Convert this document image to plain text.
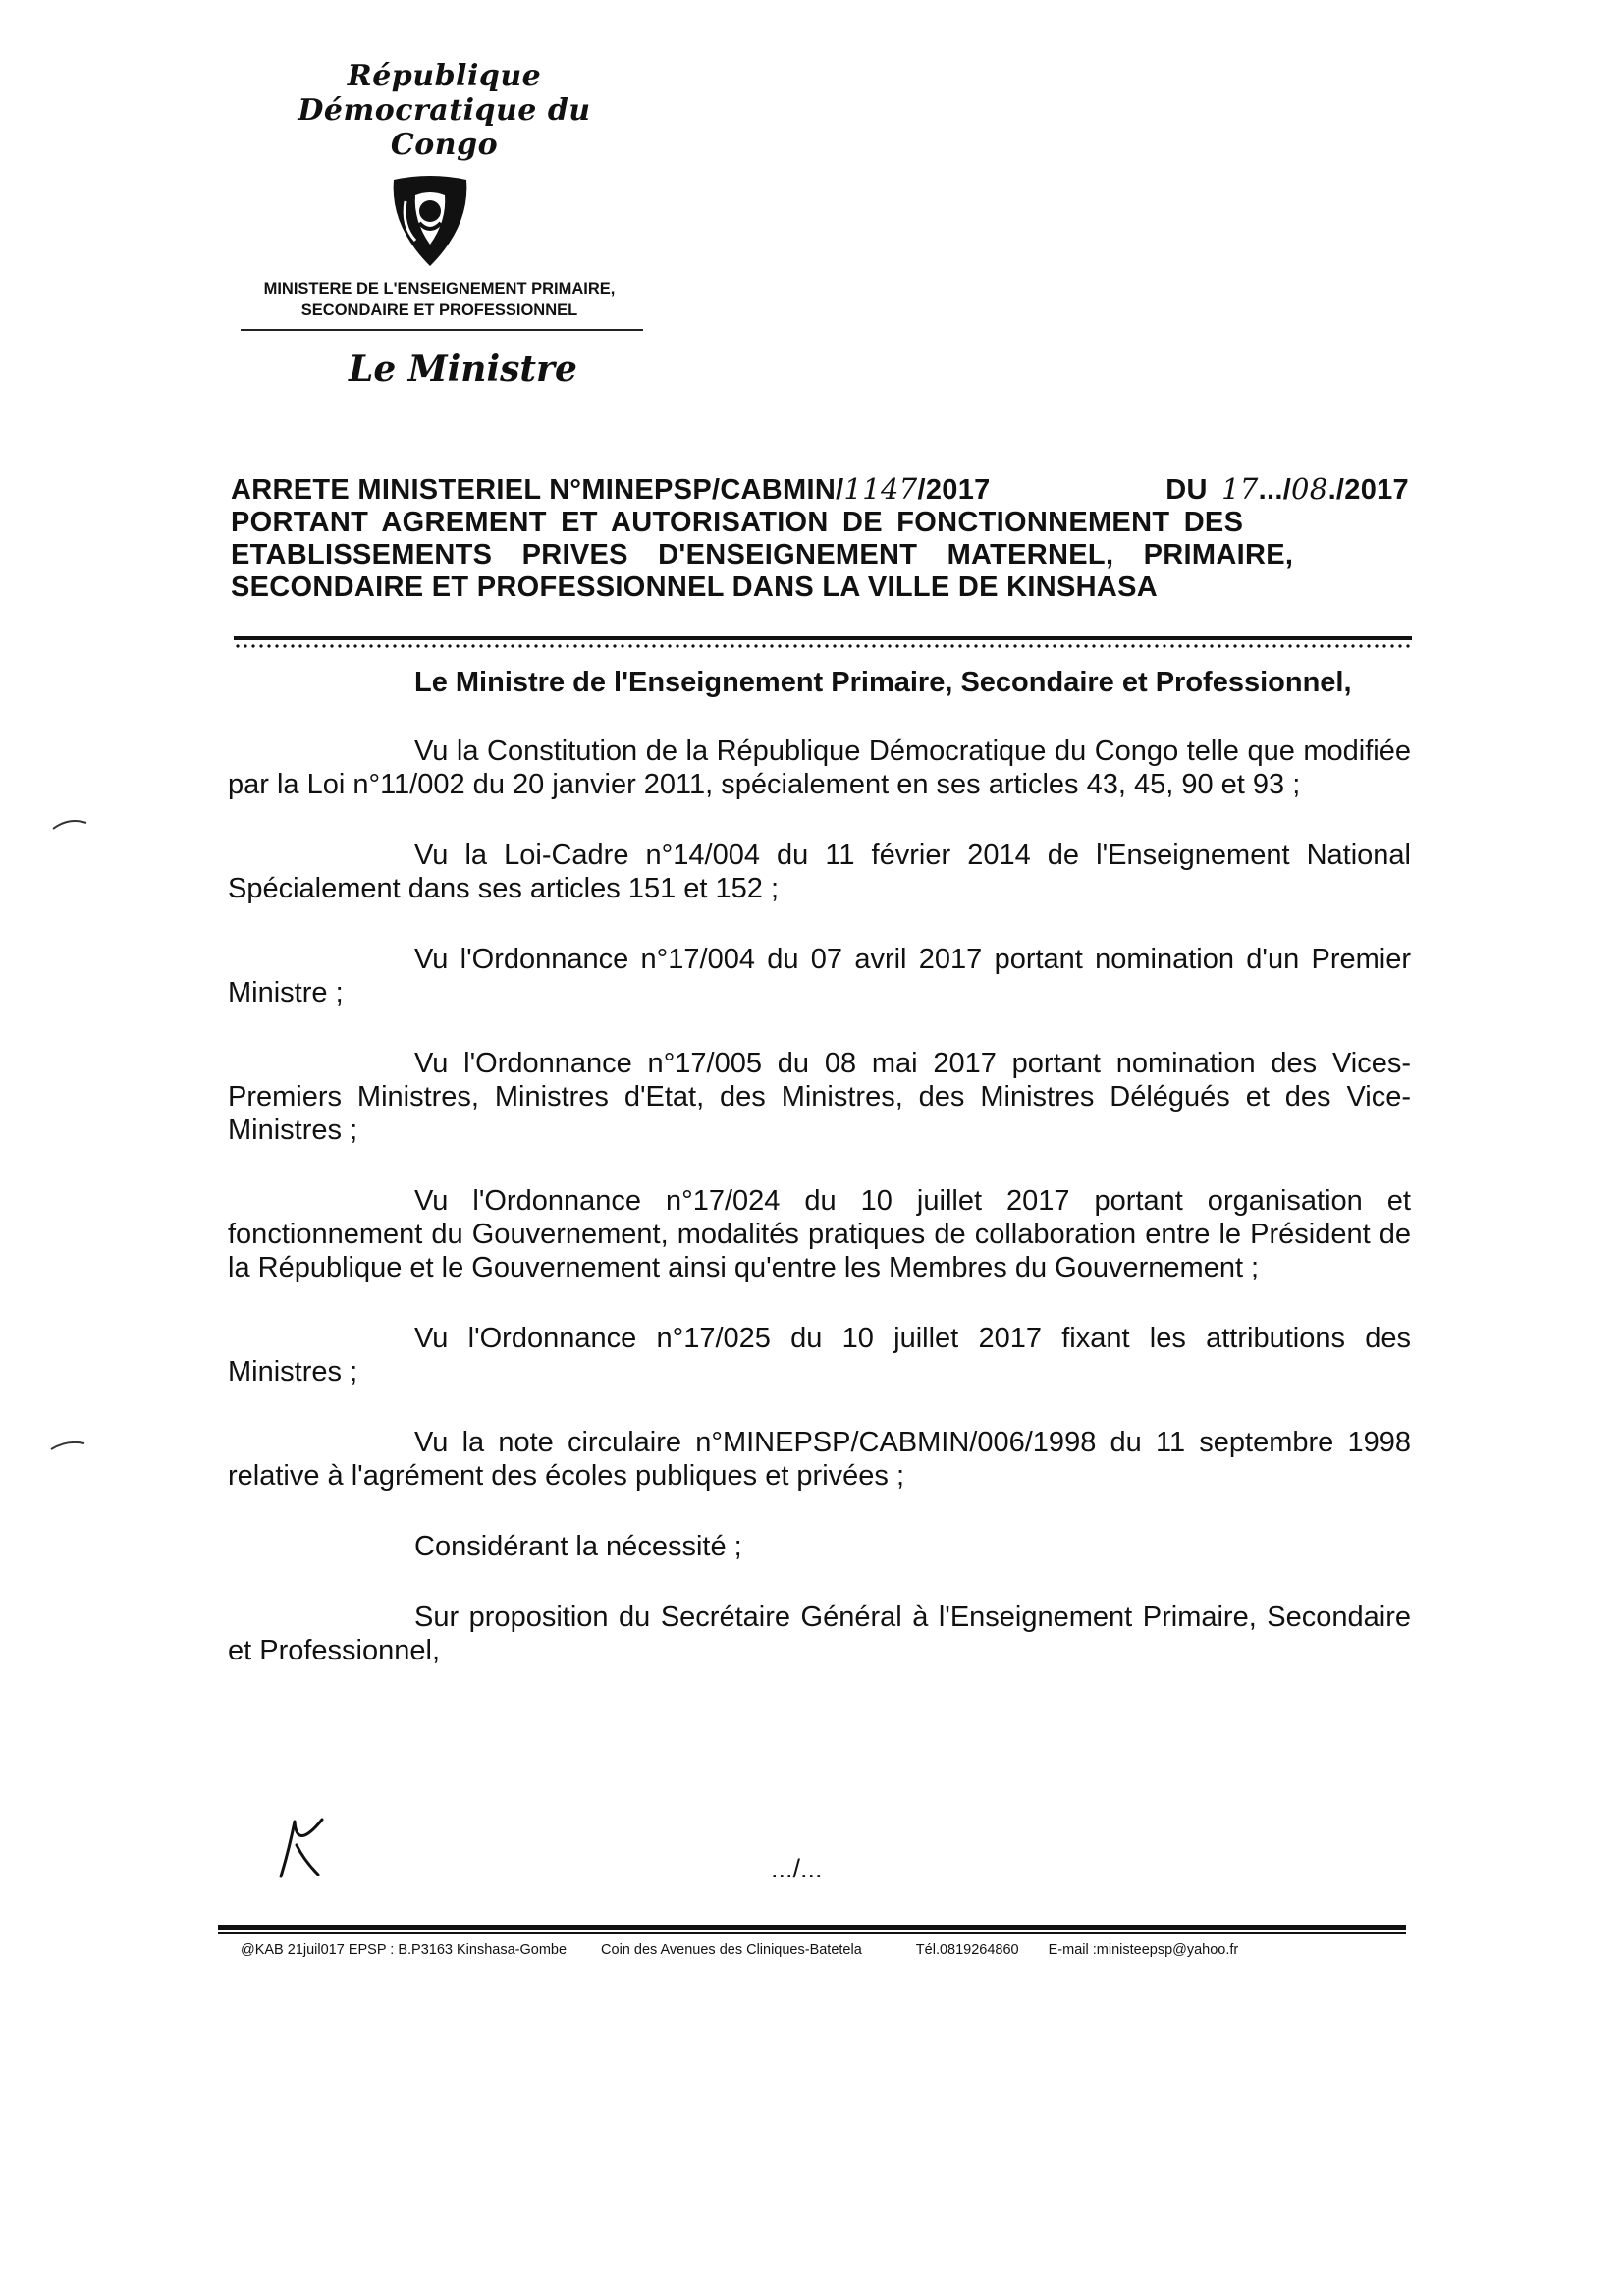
République Démocratique du Congo
MINISTERE DE L'ENSEIGNEMENT PRIMAIRE,
SECONDAIRE ET PROFESSIONNEL
Le Ministre
ARRETE MINISTERIEL N°MINEPSP/CABMIN/1147/2017	DU 17.../08./2017
PORTANT AGREMENT ET AUTORISATION DE FONCTIONNEMENT DES
ETABLISSEMENTS PRIVES D'ENSEIGNEMENT MATERNEL, PRIMAIRE,
SECONDAIRE ET PROFESSIONNEL DANS LA VILLE DE KINSHASA

Le Ministre de l'Enseignement Primaire, Secondaire et Professionnel,

Vu la Constitution de la République Démocratique du Congo telle que modifiée par la Loi n°11/002 du 20 janvier 2011, spécialement en ses articles 43, 45, 90 et 93 ;

Vu la Loi-Cadre n°14/004 du 11 février 2014 de l'Enseignement National Spécialement dans ses articles 151 et 152 ;

Vu l'Ordonnance n°17/004 du 07 avril 2017 portant nomination d'un Premier Ministre ;

Vu l'Ordonnance n°17/005 du 08 mai 2017 portant nomination des Vices-Premiers Ministres, Ministres d'Etat, des Ministres, des Ministres Délégués et des Vice-Ministres ;

Vu l'Ordonnance n°17/024 du 10 juillet 2017 portant organisation et fonctionnement du Gouvernement, modalités pratiques de collaboration entre le Président de la République et le Gouvernement ainsi qu'entre les Membres du Gouvernement ;

Vu l'Ordonnance n°17/025 du 10 juillet 2017 fixant les attributions des Ministres ;

Vu la note circulaire n°MINEPSP/CABMIN/006/1998 du 11 septembre 1998 relative à l'agrément des écoles publiques et privées ;

Considérant la nécessité ;

Sur proposition du Secrétaire Général à l'Enseignement Primaire, Secondaire et Professionnel,

.../...
@KAB 21juil017 EPSP : B.P3163 Kinshasa-Gombe Coin des Avenues des Cliniques-Batetela	Tél.0819264860 E-mail :ministeepsp@yahoo.fr
